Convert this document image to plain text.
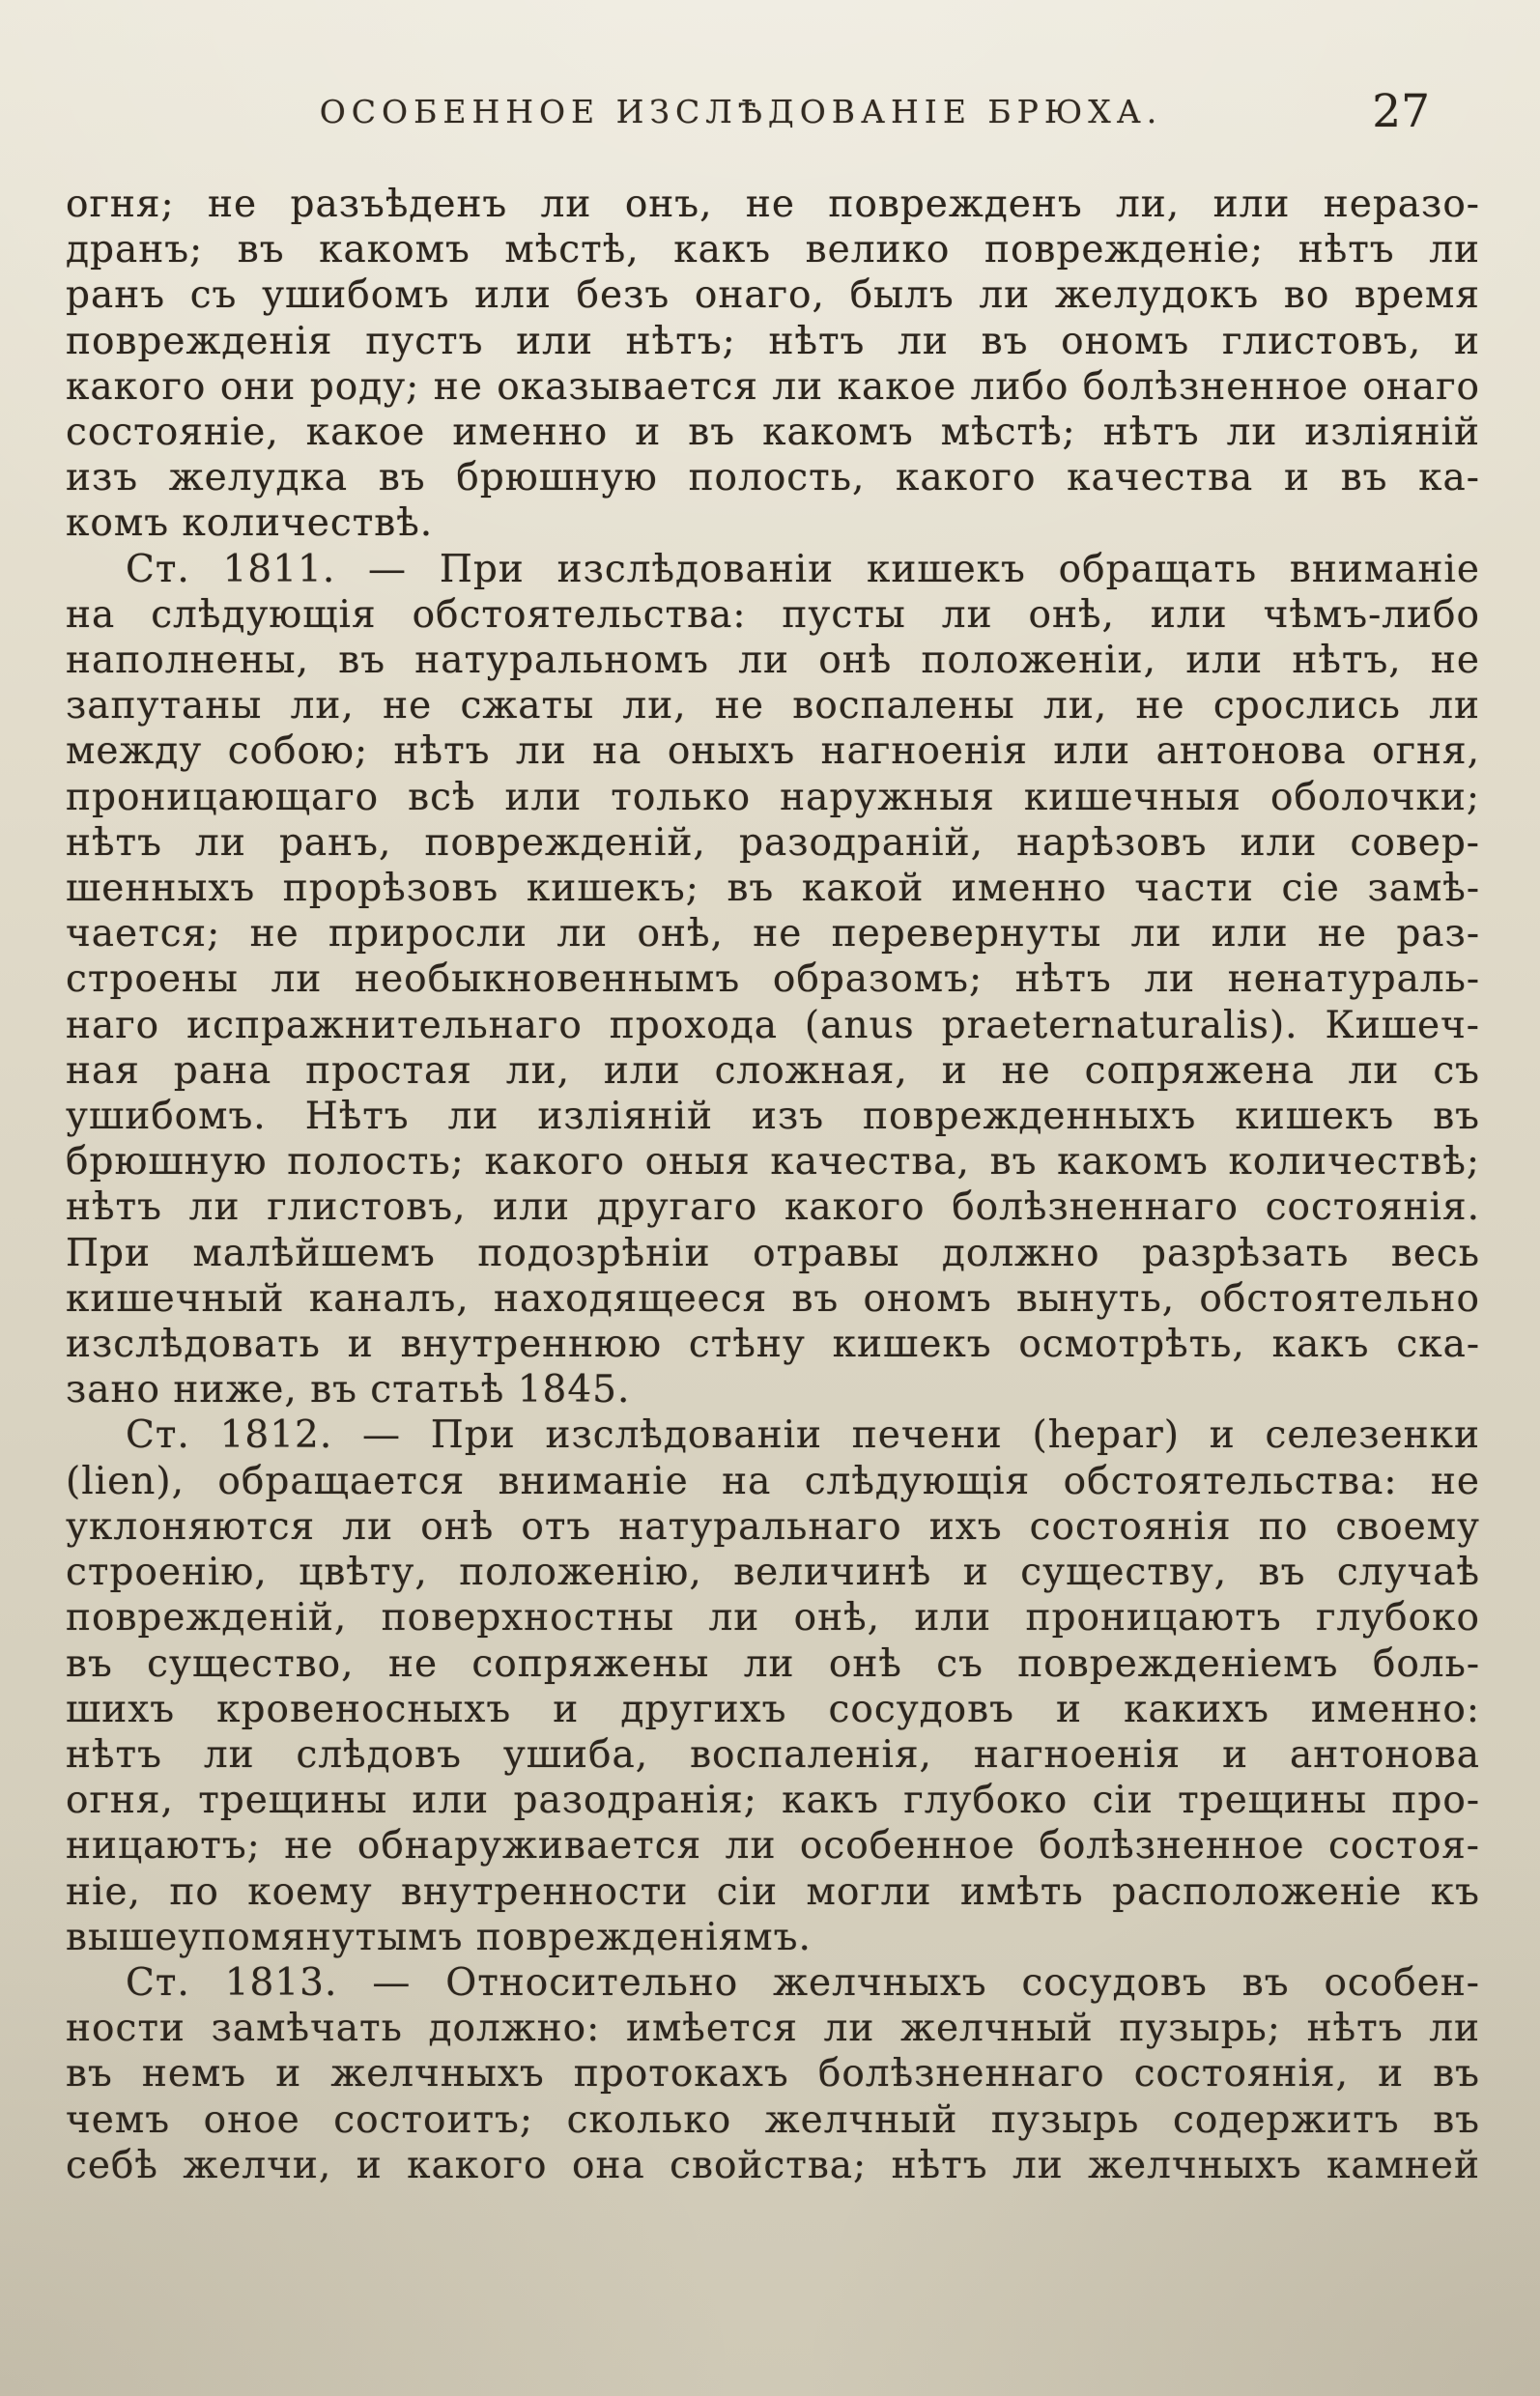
ОСОБЕННОЕ ИЗСЛѢДОВАНІЕ БРЮХА.	27
огня; не разъѣденъ ли онъ, не поврежденъ ли, или неразо-
дранъ; въ какомъ мѣстѣ, какъ велико поврежденіе; нѣтъ ли
ранъ съ ушибомъ или безъ онаго, былъ ли желудокъ во время
поврежденія пустъ или нѣтъ; нѣтъ ли въ ономъ глистовъ, и
какого они роду; не оказывается ли какое либо болѣзненное онаго
состояніе, какое именно и въ какомъ мѣстѣ; нѣтъ ли изліяній
изъ желудка въ брюшную полость, какого качества и въ ка-
комъ количествѣ.
Ст. 1811. — При изслѣдованіи кишекъ обращать вниманіе
на слѣдующія обстоятельства: пусты ли онѣ, или чѣмъ-либо
наполнены, въ натуральномъ ли онѣ положеніи, или нѣтъ, не
запутаны ли, не сжаты ли, не воспалены ли, не срослись ли
между собою; нѣтъ ли на оныхъ нагноенія или антонова огня,
проницающаго всѣ или только наружныя кишечныя оболочки;
нѣтъ ли ранъ, поврежденій, разодраній, нарѣзовъ или совер-
шенныхъ прорѣзовъ кишекъ; въ какой именно части сіе замѣ-
чается; не приросли ли онѣ, не перевернуты ли или не раз-
строены ли необыкновеннымъ образомъ; нѣтъ ли ненатураль-
наго испражнительнаго прохода (anus praeternaturalis). Кишеч-
ная рана простая ли, или сложная, и не сопряжена ли съ
ушибомъ. Нѣтъ ли изліяній изъ поврежденныхъ кишекъ въ
брюшную полость; какого оныя качества, въ какомъ количествѣ;
нѣтъ ли глистовъ, или другаго какого болѣзненнаго состоянія.
При малѣйшемъ подозрѣніи отравы должно разрѣзать весь
кишечный каналъ, находящееся въ ономъ вынуть, обстоятельно
изслѣдовать и внутреннюю стѣну кишекъ осмотрѣть, какъ ска-
зано ниже, въ статьѣ 1845.
Ст. 1812. — При изслѣдованіи печени (hepar) и селезенки
(lien), обращается вниманіе на слѣдующія обстоятельства: не
уклоняются ли онѣ отъ натуральнаго ихъ состоянія по своему
строенію, цвѣту, положенію, величинѣ и существу, въ случаѣ
поврежденій, поверхностны ли онѣ, или проницаютъ глубоко
въ существо, не сопряжены ли онѣ съ поврежденіемъ боль-
шихъ кровеносныхъ и другихъ сосудовъ и какихъ именно:
нѣтъ ли слѣдовъ ушиба, воспаленія, нагноенія и антонова
огня, трещины или разодранія; какъ глубоко сіи трещины про-
ницаютъ; не обнаруживается ли особенное болѣзненное состоя-
ніе, по коему внутренности сіи могли имѣть расположеніе къ
вышеупомянутымъ поврежденіямъ.
Ст. 1813. — Относительно желчныхъ сосудовъ въ особен-
ности замѣчать должно: имѣется ли желчный пузырь; нѣтъ ли
въ немъ и желчныхъ протокахъ болѣзненнаго состоянія, и въ
чемъ оное состоитъ; сколько желчный пузырь содержитъ въ
себѣ желчи, и какого она свойства; нѣтъ ли желчныхъ камней
